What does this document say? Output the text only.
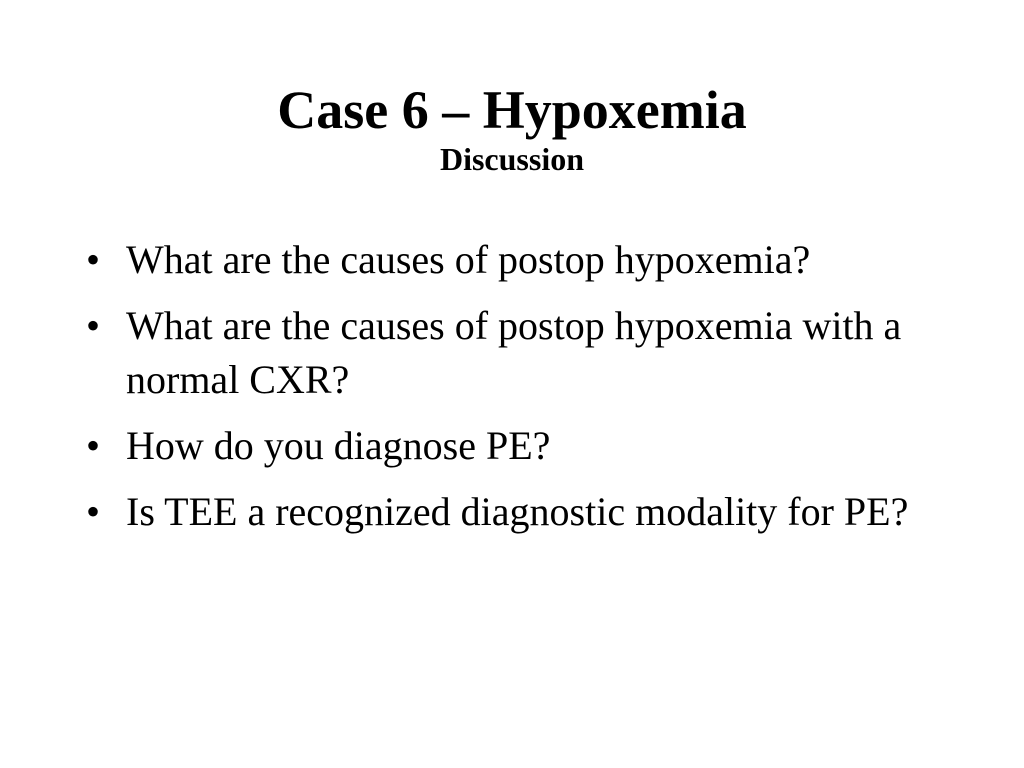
Case 6 – Hypoxemia
Discussion
• What are the causes of postop hypoxemia?
• What are the causes of postop hypoxemia with a normal CXR?
• How do you diagnose PE?
• Is TEE a recognized diagnostic modality for PE?
